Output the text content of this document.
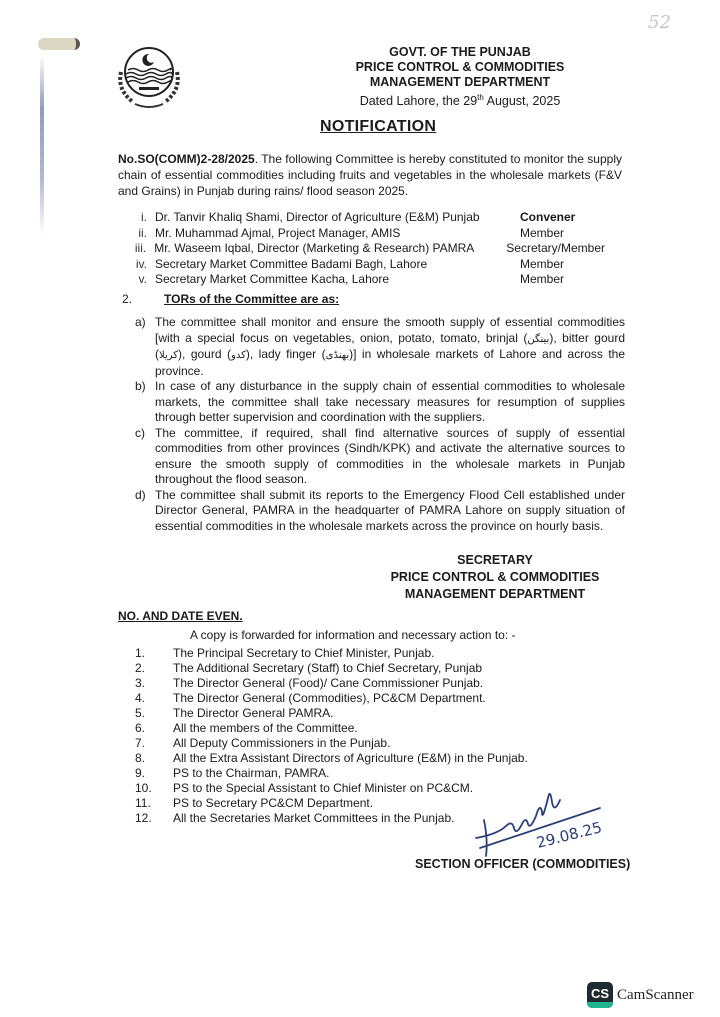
52
GOVT. OF THE PUNJAB
PRICE CONTROL & COMMODITIES
MANAGEMENT DEPARTMENT
Dated Lahore, the 29th August, 2025
NOTIFICATION
No.SO(COMM)2-28/2025. The following Committee is hereby constituted to monitor the supply chain of essential commodities including fruits and vegetables in the wholesale markets (F&V and Grains) in Punjab during rains/ flood season 2025.
i. Dr. Tanvir Khaliq Shami, Director of Agriculture (E&M) Punjab	Convener
ii. Mr. Muhammad Ajmal, Project Manager, AMIS	Member
iii. Mr. Waseem Iqbal, Director (Marketing & Research) PAMRA	Secretary/Member
iv. Secretary Market Committee Badami Bagh, Lahore	Member
v. Secretary Market Committee Kacha, Lahore	Member
2.	TORs of the Committee are as:
a) The committee shall monitor and ensure the smooth supply of essential commodities [with a special focus on vegetables, onion, potato, tomato, brinjal (بینگن), bitter gourd (کریلا), gourd (کدو), lady finger (بھنڈی)] in wholesale markets of Lahore and across the province.
b) In case of any disturbance in the supply chain of essential commodities to wholesale markets, the committee shall take necessary measures for resumption of supplies through better supervision and coordination with the suppliers.
c) The committee, if required, shall find alternative sources of supply of essential commodities from other provinces (Sindh/KPK) and activate the alternative sources to ensure the smooth supply of commodities in the wholesale markets in Punjab throughout the flood season.
d) The committee shall submit its reports to the Emergency Flood Cell established under Director General, PAMRA in the headquarter of PAMRA Lahore on supply situation of essential commodities in the wholesale markets across the province on hourly basis.
SECRETARY
PRICE CONTROL & COMMODITIES
MANAGEMENT DEPARTMENT
NO. AND DATE EVEN.
A copy is forwarded for information and necessary action to: -
1.	The Principal Secretary to Chief Minister, Punjab.
2.	The Additional Secretary (Staff) to Chief Secretary, Punjab
3.	The Director General (Food)/ Cane Commissioner Punjab.
4.	The Director General (Commodities), PC&CM Department.
5.	The Director General PAMRA.
6.	All the members of the Committee.
7.	All Deputy Commissioners in the Punjab.
8.	All the Extra Assistant Directors of Agriculture (E&M) in the Punjab.
9.	PS to the Chairman, PAMRA.
10.	PS to the Special Assistant to Chief Minister on PC&CM.
11.	PS to Secretary PC&CM Department.
12.	All the Secretaries Market Committees in the Punjab.
29.08.25
SECTION OFFICER (COMMODITIES)
CS CamScanner
